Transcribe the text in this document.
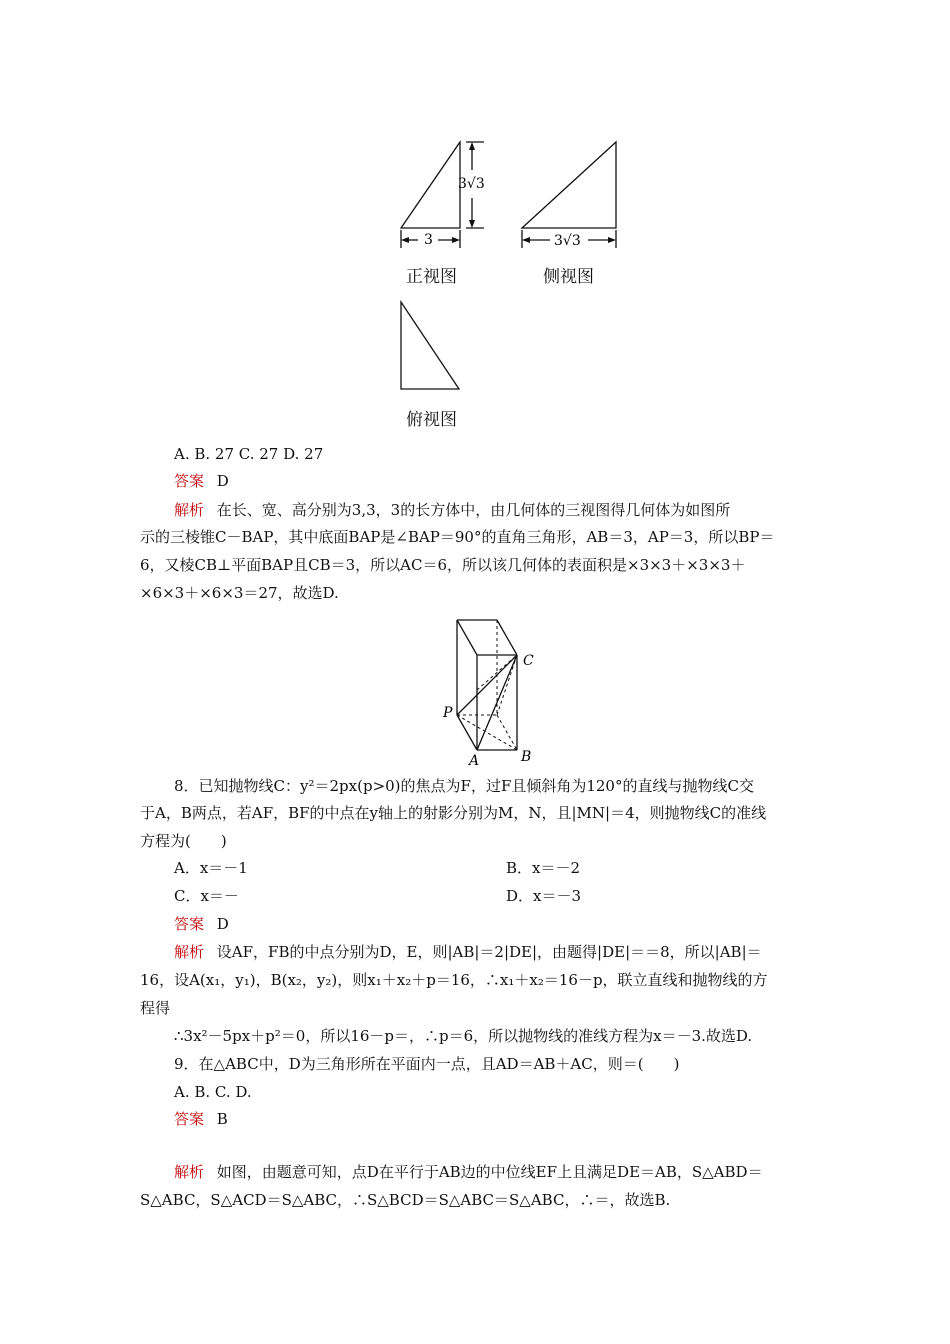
3√3
3	3√3
正视图	侧视图
俯视图
A. B. 27 C. 27 D. 27
答案 D
解析 在长、宽、高分别为3,3，3的长方体中，由几何体的三视图得几何体为如图所
示的三棱锥C－BAP，其中底面BAP是∠BAP＝90°的直角三角形，AB＝3，AP＝3，所以BP＝
6，又棱CB⊥平面BAP且CB＝3，所以AC＝6，所以该几何体的表面积是×3×3＋×3×3＋
×6×3＋×6×3＝27，故选D.
C
P
A	B
8．已知抛物线C：y²＝2px(p>0)的焦点为F，过F且倾斜角为120°的直线与抛物线C交
于A，B两点，若AF，BF的中点在y轴上的射影分别为M，N，且|MN|＝4，则抛物线C的准线
方程为(　　)
A．x＝－1	B．x＝－2
C．x＝－	D．x＝－3
答案 D
解析 设AF，FB的中点分别为D，E，则|AB|＝2|DE|，由题得|DE|＝＝8，所以|AB|＝
16，设A(x₁，y₁)，B(x₂，y₂)，则x₁＋x₂＋p＝16，∴x₁＋x₂＝16－p，联立直线和抛物线的方
程得
∴3x²－5px＋p²＝0，所以16－p＝，∴p＝6，所以抛物线的准线方程为x＝－3.故选D.
9．在△ABC中，D为三角形所在平面内一点，且AD＝AB＋AC，则＝(　　)
A. B. C. D.
答案 B
解析 如图，由题意可知，点D在平行于AB边的中位线EF上且满足DE＝AB，S△ABD＝
S△ABC，S△ACD＝S△ABC，∴S△BCD＝S△ABC＝S△ABC，∴＝，故选B.
